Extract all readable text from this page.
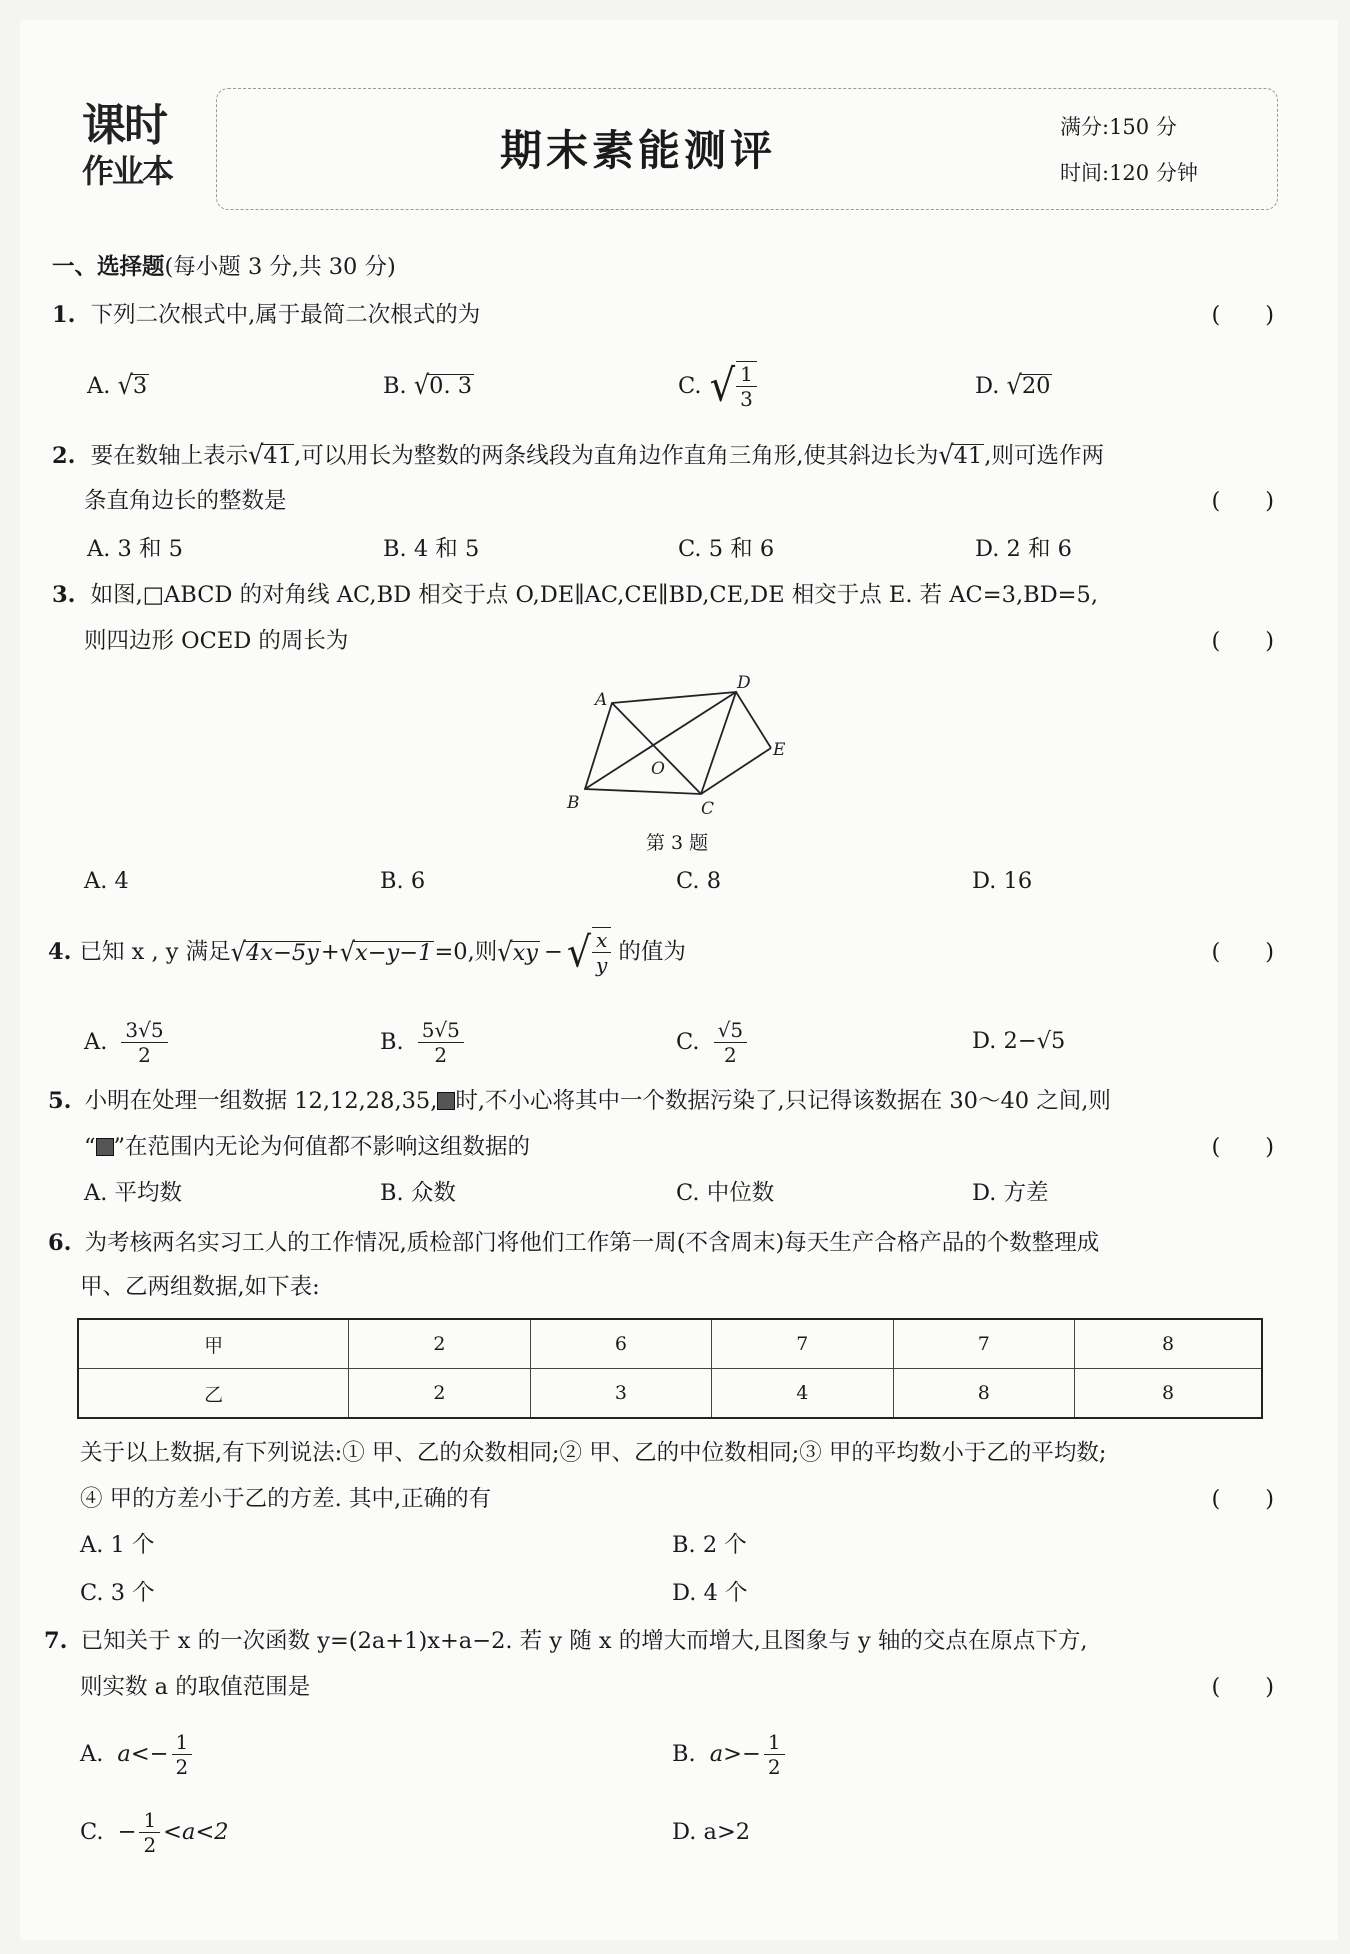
课时
作业本	期末素能测评	满分:150 分
时间:120 分钟
一、选择题(每小题 3 分,共 30 分)
1. 下列二次根式中,属于最简二次根式的为	(　　)
A. √3	B. √0. 3	C. √ $\frac{1}{3}$	D. √20
2. 要在数轴上表示√41,可以用长为整数的两条线段为直角边作直角三角形,使其斜边长为√41,则可选作两
条直角边长的整数是	(　　)
A. 3 和 5	B. 4 和 5	C. 5 和 6	D. 2 和 6
3. 如图,□ABCD 的对角线 AC,BD 相交于点 O,DE∥AC,CE∥BD,CE,DE 相交于点 E. 若 AC=3,BD=5,
则四边形 OCED 的周长为	(　　)
A
D
E
O
B	C
第 3 题
A. 4	B. 6	C. 8	D. 16
4. 已知 x , y 满足 √ 4x−5y + √ x−y−1 =0,则 √ xy − √ $\frac{x}{y}$ 的值为	(　　)
A. $\frac{3√5}{2}$	B. $\frac{5√5}{2}$	C. $\frac{√5}{2}$	D. 2−√5
5. 小明在处理一组数据 12,12,28,35, 时,不小心将其中一个数据污染了,只记得该数据在 30～40 之间,则
“ ”在范围内无论为何值都不影响这组数据的	(　　)
A. 平均数	B. 众数	C. 中位数	D. 方差
6. 为考核两名实习工人的工作情况,质检部门将他们工作第一周(不含周末)每天生产合格产品的个数整理成
甲、乙两组数据,如下表:
甲	2	6	7	7	8
乙	2	3	4	8	8
关于以上数据,有下列说法:① 甲、乙的众数相同;② 甲、乙的中位数相同;③ 甲的平均数小于乙的平均数;
④ 甲的方差小于乙的方差. 其中,正确的有	(　　)
A. 1 个	B. 2 个
C. 3 个	D. 4 个
7. 已知关于 x 的一次函数 y=(2a+1)x+a−2. 若 y 随 x 的增大而增大,且图象与 y 轴的交点在原点下方,
则实数 a 的取值范围是	(　　)
A. $a<- \frac{1}{2}$	B. $a>- \frac{1}{2}$
C. − $\frac{1}{2} <a<2$	D. a>2
